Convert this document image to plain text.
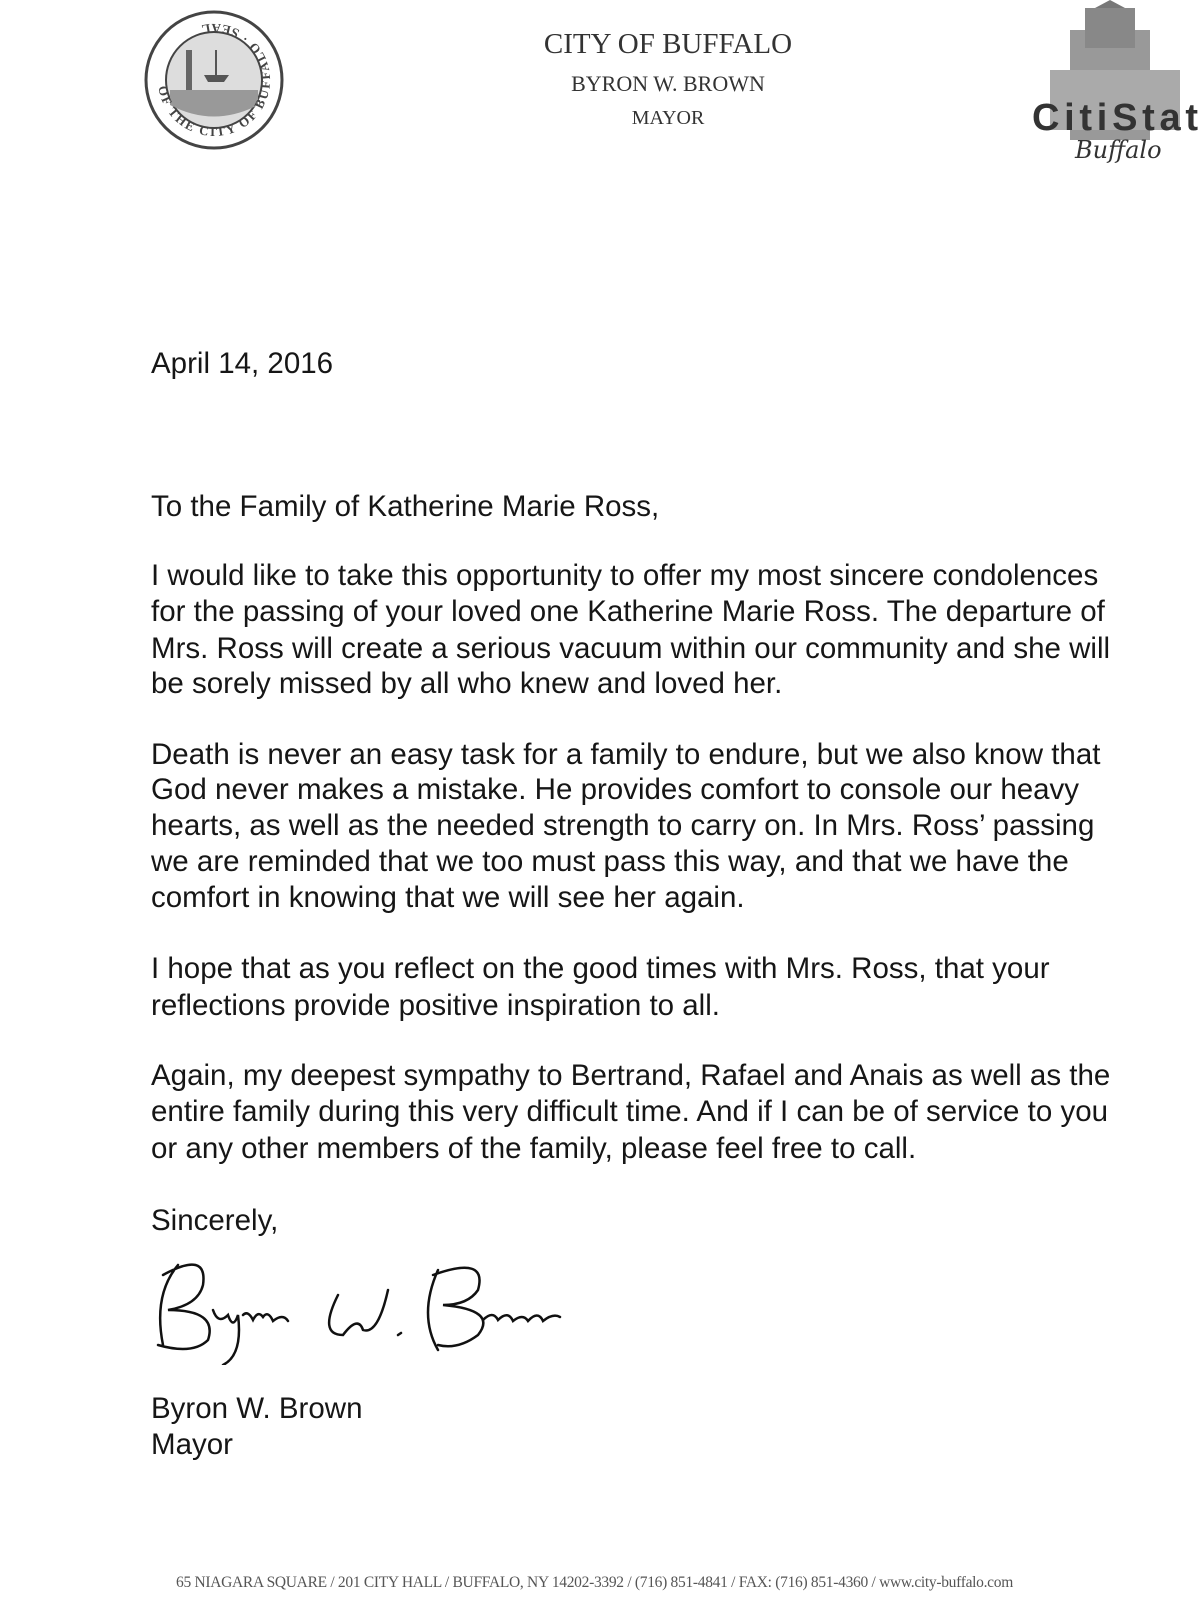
OF THE CITY OF BUFFALO · SEAL	CITY OF BUFFALO
BYRON W. BROWN
MAYOR	CitiStat
Buffalo
April 14, 2016
To the Family of Katherine Marie Ross,
I would like to take this opportunity to offer my most sincere condolences
for the passing of your loved one Katherine Marie Ross. The departure of
Mrs. Ross will create a serious vacuum within our community and she will
be sorely missed by all who knew and loved her.
Death is never an easy task for a family to endure, but we also know that
God never makes a mistake. He provides comfort to console our heavy
hearts, as well as the needed strength to carry on. In Mrs. Ross’ passing
we are reminded that we too must pass this way, and that we have the
comfort in knowing that we will see her again.
I hope that as you reflect on the good times with Mrs. Ross, that your
reflections provide positive inspiration to all.
Again, my deepest sympathy to Bertrand, Rafael and Anais as well as the
entire family during this very difficult time. And if I can be of service to you
or any other members of the family, please feel free to call.
Sincerely,
Byron W. Brown
Mayor
65 NIAGARA SQUARE / 201 CITY HALL / BUFFALO, NY 14202-3392 / (716) 851-4841 / FAX: (716) 851-4360 / www.city-buffalo.com
